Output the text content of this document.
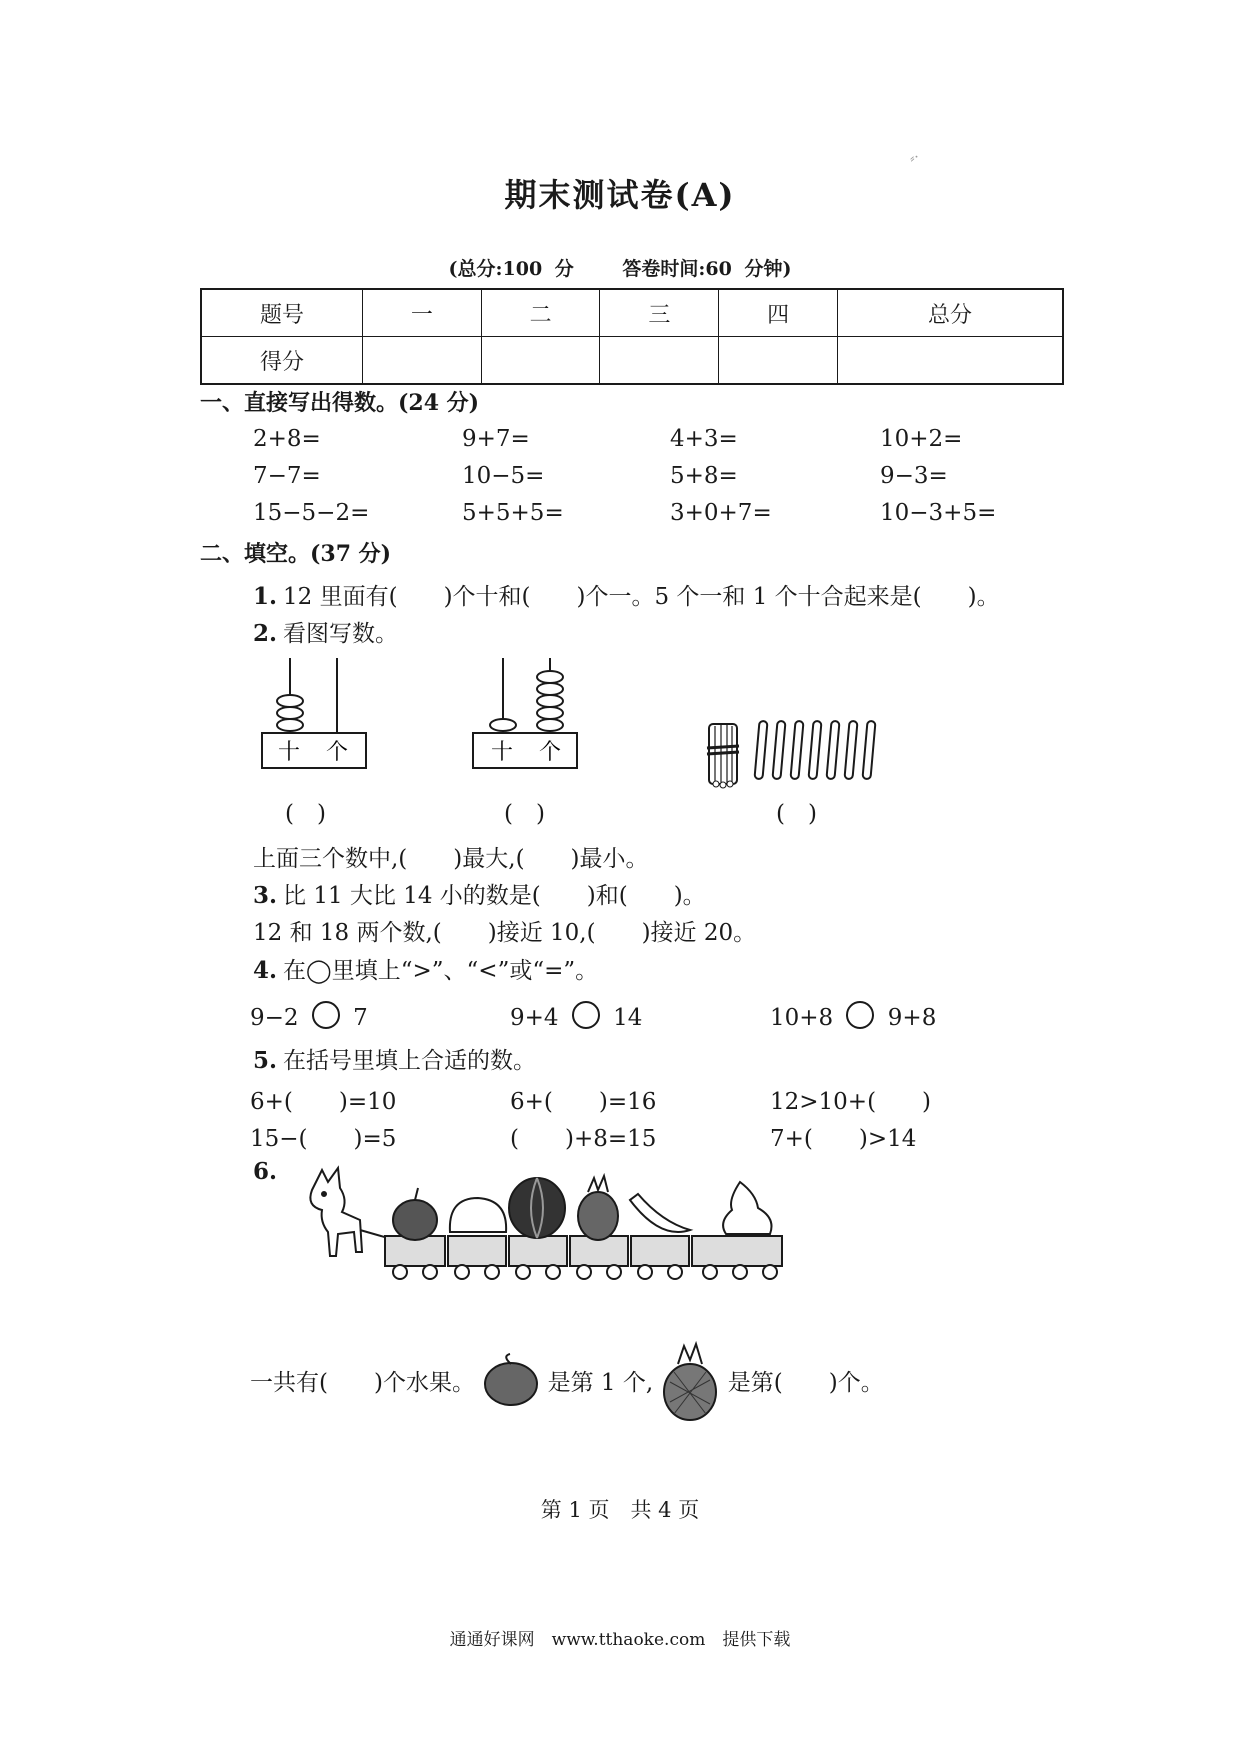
⸗·
期末测试卷(A)
(总分:100 分	答卷时间:60 分钟)
题号	一	二	三	四	总分
得分					
一、直接写出得数。(24 分)
2+8=	9+7=	4+3=	10+2=
7−7=	10−5=	5+8=	9−3=
15−5−2=	5+5+5=	3+0+7=	10−3+5=
二、填空。(37 分)
1. 12 里面有(　　)个十和(　　)个一。5 个一和 1 个十合起来是(　　)。
2. 看图写数。
十 个	十 个
(　)	(　)	(　)
上面三个数中,(　　)最大,(　　)最小。
3. 比 11 大比 14 小的数是(　　)和(　　)。
12 和 18 两个数,(　　)接近 10,(　　)接近 20。
4. 在◯里填上“>”、“<”或“=”。
9−2 7	9+4 14	10+8 9+8
5. 在括号里填上合适的数。
6+(　　)=10	6+(　　)=16	12>10+(　　)
15−(　　)=5	(　　)+8=15	7+(　　)>14
6.
一共有(　　)个水果。	是第 1 个,	是第(　　)个。
第 1 页　共 4 页
通通好课网　www.tthaoke.com　提供下载
